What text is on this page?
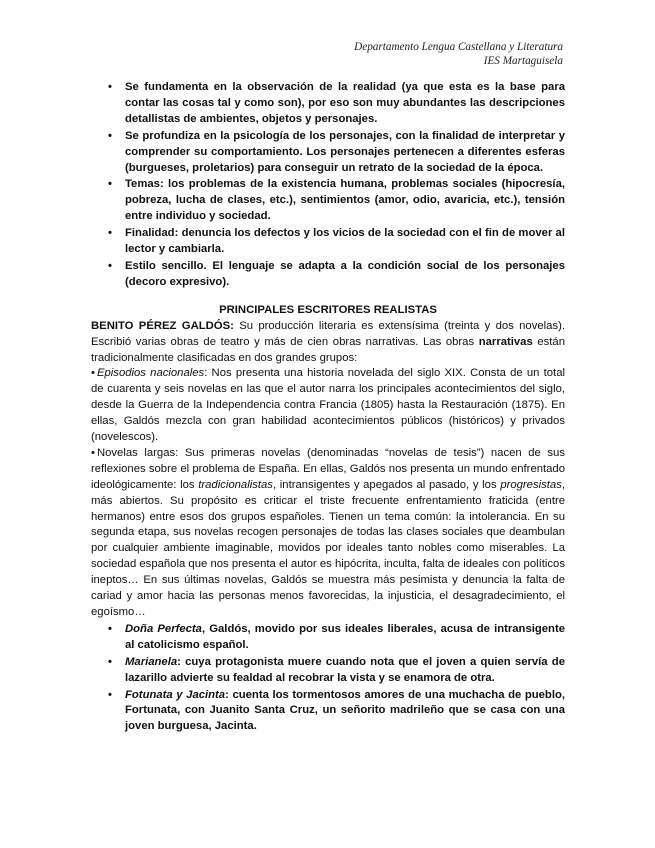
Departamento Lengua Castellana y Literatura
IES Martaguisela
• Se fundamenta en la observación de la realidad (ya que esta es la base para contar las cosas tal y como son), por eso son muy abundantes las descripciones detallistas de ambientes, objetos y personajes.
• Se profundiza en la psicología de los personajes, con la finalidad de interpretar y comprender su comportamiento. Los personajes pertenecen a diferentes esferas (burgueses, proletarios) para conseguir un retrato de la sociedad de la época.
• Temas: los problemas de la existencia humana, problemas sociales (hipocresía, pobreza, lucha de clases, etc.), sentimientos (amor, odio, avaricia, etc.), tensión entre individuo y sociedad.
• Finalidad: denuncia los defectos y los vicios de la sociedad con el fin de mover al lector y cambiarla.
• Estilo sencillo. El lenguaje se adapta a la condición social de los personajes (decoro expresivo).
PRINCIPALES ESCRITORES REALISTAS

BENITO PÉREZ GALDÓS: Su producción literaria es extensísima (treinta y dos novelas). Escribió varias obras de teatro y más de cien obras narrativas. Las obras narrativas están tradicionalmente clasificadas en dos grandes grupos:

• Episodios nacionales: Nos presenta una historia novelada del siglo XIX. Consta de un total de cuarenta y seis novelas en las que el autor narra los principales acontecimientos del siglo, desde la Guerra de la Independencia contra Francia (1805) hasta la Restauración (1875). En ellas, Galdós mezcla con gran habilidad acontecimientos públicos (históricos) y privados (novelescos).

• Novelas largas: Sus primeras novelas (denominadas “novelas de tesis”) nacen de sus reflexiones sobre el problema de España. En ellas, Galdós nos presenta un mundo enfrentado ideológicamente: los tradicionalistas, intransigentes y apegados al pasado, y los progresistas, más abiertos. Su propósito es criticar el triste frecuente enfrentamiento fraticida (entre hermanos) entre esos dos grupos españoles. Tienen un tema común: la intolerancia. En su segunda etapa, sus novelas recogen personajes de todas las clases sociales que deambulan por cualquier ambiente imaginable, movidos por ideales tanto nobles como miserables. La sociedad española que nos presenta el autor es hipócrita, inculta, falta de ideales con políticos ineptos… En sus últimas novelas, Galdós se muestra más pesimista y denuncia la falta de cariad y amor hacia las personas menos favorecidas, la injusticia, el desagradecimiento, el egoísmo…

• Doña Perfecta, Galdós, movido por sus ideales liberales, acusa de intransigente al catolicismo español.
• Marianela: cuya protagonista muere cuando nota que el joven a quien servía de lazarillo advierte su fealdad al recobrar la vista y se enamora de otra.
• Fotunata y Jacinta: cuenta los tormentosos amores de una muchacha de pueblo, Fortunata, con Juanito Santa Cruz, un señorito madrileño que se casa con una joven burguesa, Jacinta.
